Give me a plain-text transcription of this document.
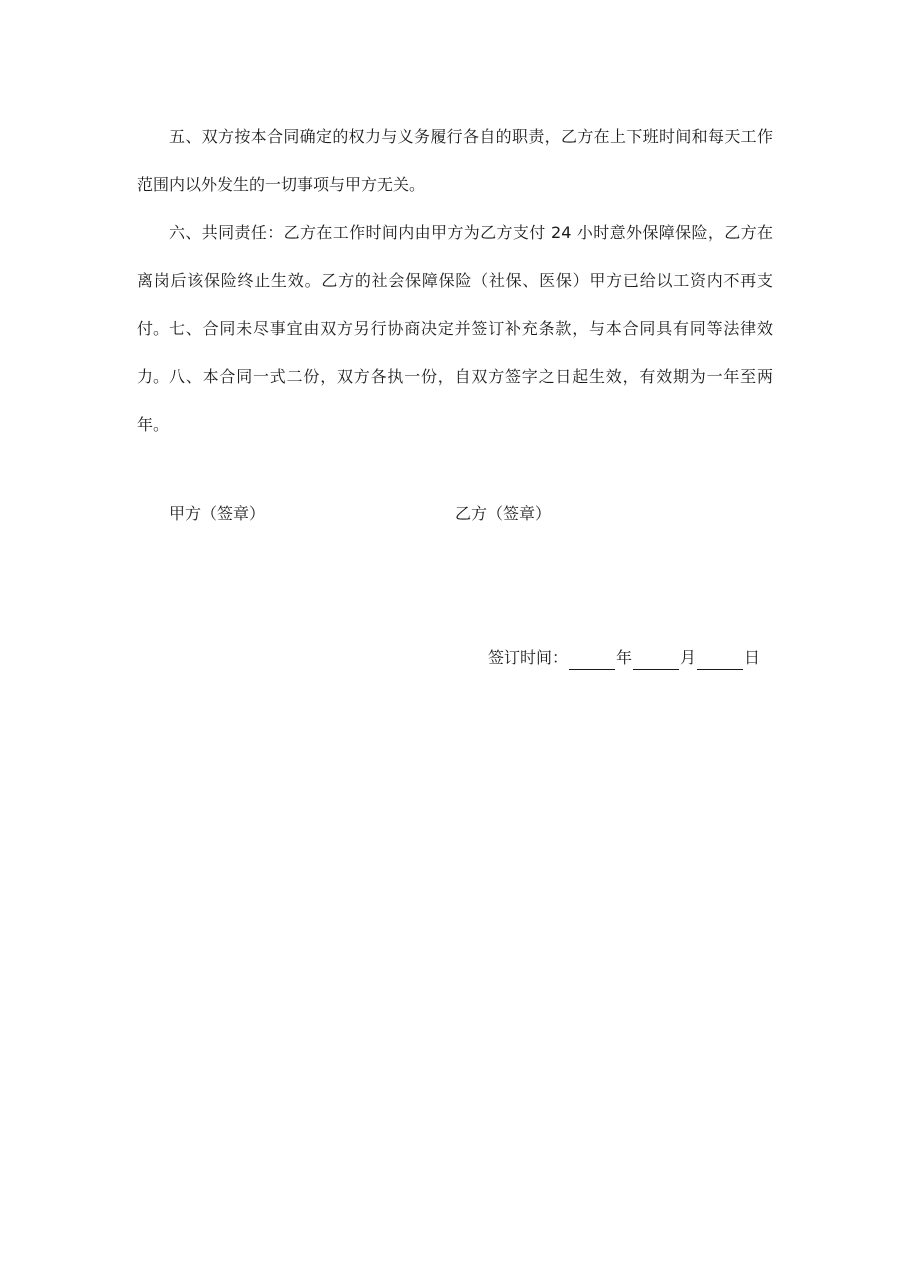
五、双方按本合同确定的权力与义务履行各自的职责，乙方在上下班时间和每天工作范围内以外发生的一切事项与甲方无关。

六、共同责任：乙方在工作时间内由甲方为乙方支付 24 小时意外保障保险，乙方在离岗后该保险终止生效。乙方的社会保障保险（社保、医保）甲方已给以工资内不再支付。 七、合同未尽事宜由双方另行协商决定并签订补充条款，与本合同具有同等法律效力。 八、本合同一式二份，双方各执一份，自双方签字之日起生效，有效期为一年至两年。

甲方（签章）	乙方（签章）
签订时间：	年	月	日
